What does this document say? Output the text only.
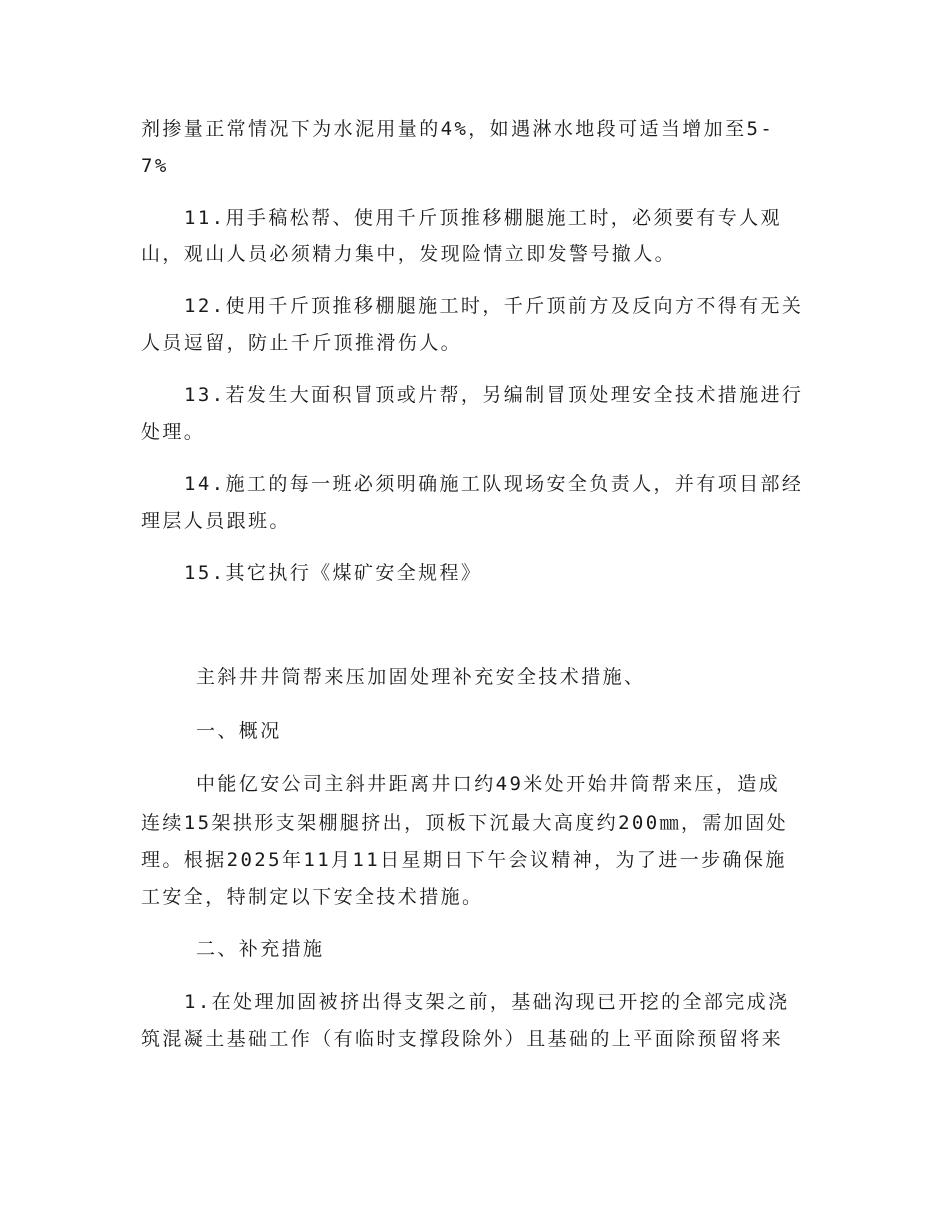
剂掺量正常情况下为水泥用量的4%，如遇淋水地段可适当增加至5-

7%

11.用手稿松帮、使用千斤顶推移棚腿施工时，必须要有专人观

山，观山人员必须精力集中，发现险情立即发警号撤人。

12.使用千斤顶推移棚腿施工时，千斤顶前方及反向方不得有无关

人员逗留，防止千斤顶推滑伤人。

13.若发生大面积冒顶或片帮，另编制冒顶处理安全技术措施进行

处理。

14.施工的每一班必须明确施工队现场安全负责人，并有项目部经

理层人员跟班。

15.其它执行《煤矿安全规程》

主斜井井筒帮来压加固处理补充安全技术措施、

一、概况

中能亿安公司主斜井距离井口约49米处开始井筒帮来压，造成

连续15架拱形支架棚腿挤出，顶板下沉最大高度约200㎜，需加固处

理。根据2025年11月11日星期日下午会议精神，为了进一步确保施

工安全，特制定以下安全技术措施。

二、补充措施

1.在处理加固被挤出得支架之前，基础沟现已开挖的全部完成浇

筑混凝土基础工作（有临时支撑段除外）且基础的上平面除预留将来
